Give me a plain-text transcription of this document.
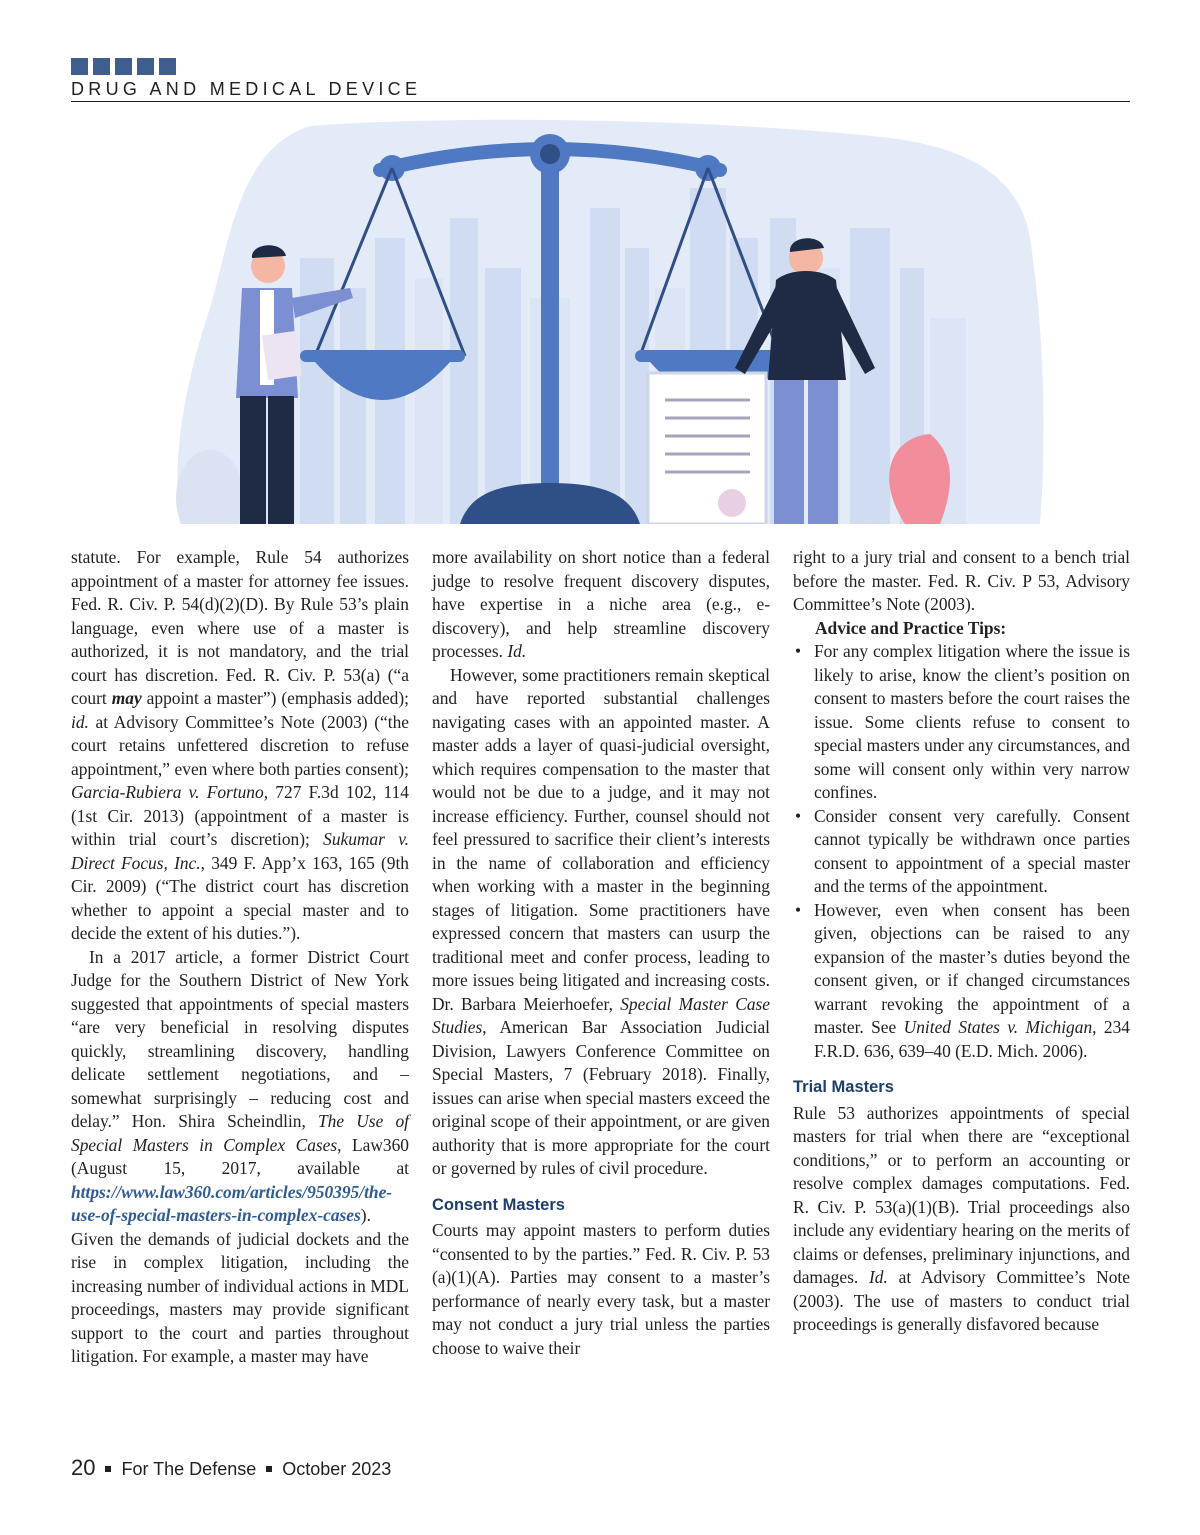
DRUG AND MEDICAL DEVICE

statute. For example, Rule 54 authorizes appointment of a master for attorney fee issues. Fed. R. Civ. P. 54(d)(2)(D). By Rule 53’s plain language, even where use of a master is authorized, it is not mandatory, and the trial court has discretion. Fed. R. Civ. P. 53(a) (“a court may appoint a master”) (emphasis added); id. at Advisory Committee’s Note (2003) (“the court retains unfettered discretion to refuse appointment,” even where both parties consent); Garcia-Rubiera v. Fortuno, 727 F.3d 102, 114 (1st Cir. 2013) (appointment of a master is within trial court’s discretion); Sukumar v. Direct Focus, Inc., 349 F. App’x 163, 165 (9th Cir. 2009) (“The district court has discretion whether to appoint a special master and to decide the extent of his duties.”).

In a 2017 article, a former District Court Judge for the Southern District of New York suggested that appointments of special masters “are very beneficial in resolving disputes quickly, streamlining discovery, handling delicate settlement negotiations, and – somewhat surprisingly – reducing cost and delay.” Hon. Shira Scheindlin, The Use of Special Masters in Complex Cases, Law360 (August 15, 2017, available at https://www.law360.com/articles/950395/the-use-of-special-masters-in-complex-cases). Given the demands of judicial dockets and the rise in complex litigation, including the increasing number of individual actions in MDL proceedings, masters may provide significant support to the court and parties throughout litigation. For example, a master may have

more availability on short notice than a federal judge to resolve frequent discovery disputes, have expertise in a niche area (e.g., e-discovery), and help streamline discovery processes. Id.

However, some practitioners remain skeptical and have reported substantial challenges navigating cases with an appointed master. A master adds a layer of quasi-judicial oversight, which requires compensation to the master that would not be due to a judge, and it may not increase efficiency. Further, counsel should not feel pressured to sacrifice their client’s interests in the name of collaboration and efficiency when working with a master in the beginning stages of litigation. Some practitioners have expressed concern that masters can usurp the traditional meet and confer process, leading to more issues being litigated and increasing costs. Dr. Barbara Meierhoefer, Special Master Case Studies, American Bar Association Judicial Division, Lawyers Conference Committee on Special Masters, 7 (February 2018). Finally, issues can arise when special masters exceed the original scope of their appointment, or are given authority that is more appropriate for the court or governed by rules of civil procedure.

Consent Masters

Courts may appoint masters to perform duties “consented to by the parties.” Fed. R. Civ. P. 53 (a)(1)(A). Parties may consent to a master’s performance of nearly every task, but a master may not conduct a jury trial unless the parties choose to waive their

right to a jury trial and consent to a bench trial before the master. Fed. R. Civ. P 53, Advisory Committee’s Note (2003).

Advice and Practice Tips:

• For any complex litigation where the issue is likely to arise, know the client’s position on consent to masters before the court raises the issue. Some clients refuse to consent to special masters under any circumstances, and some will consent only within very narrow confines.
• Consider consent very carefully. Consent cannot typically be withdrawn once parties consent to appointment of a special master and the terms of the appointment.
• However, even when consent has been given, objections can be raised to any expansion of the master’s duties beyond the consent given, or if changed circumstances warrant revoking the appointment of a master. See United States v. Michigan, 234 F.R.D. 636, 639–40 (E.D. Mich. 2006).
Trial Masters

Rule 53 authorizes appointments of special masters for trial when there are “exceptional conditions,” or to perform an accounting or resolve complex damages computations. Fed. R. Civ. P. 53(a)(1)(B). Trial proceedings also include any evidentiary hearing on the merits of claims or defenses, preliminary injunctions, and damages. Id. at Advisory Committee’s Note (2003). The use of masters to conduct trial proceedings is generally disfavored because

20 For The Defense October 2023
